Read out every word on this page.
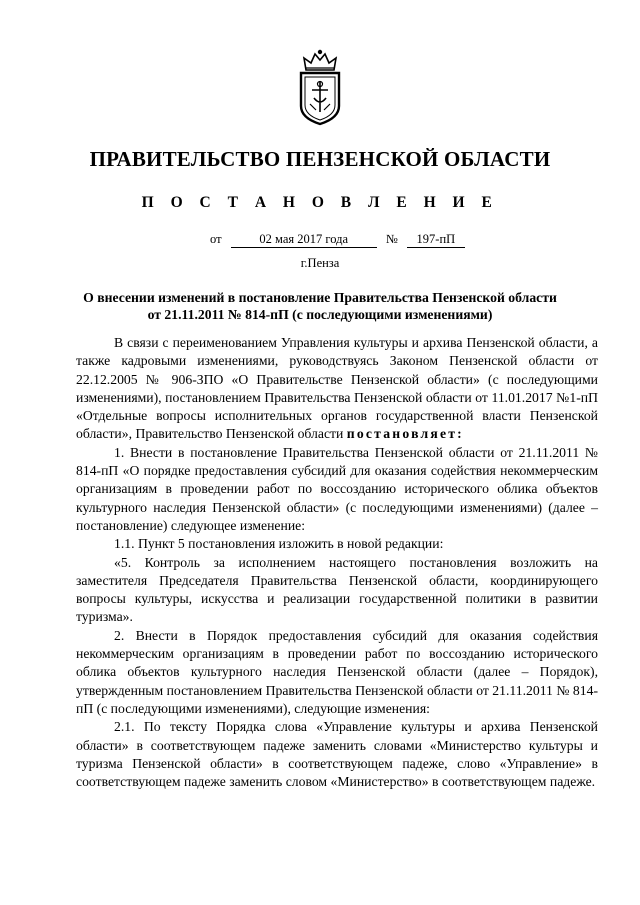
ПРАВИТЕЛЬСТВО ПЕНЗЕНСКОЙ ОБЛАСТИ
П О С Т А Н О В Л Е Н И Е
от	02 мая 2017 года	№ 197-пП
г.Пенза
О внесении изменений в постановление Правительства Пензенской области
от 21.11.2011 № 814-пП (с последующими изменениями)

В связи с переименованием Управления культуры и архива Пензенской области, а также кадровыми изменениями, руководствуясь Законом Пензенской области от 22.12.2005 № 906-ЗПО «О Правительстве Пензенской области» (с последующими изменениями), постановлением Правительства Пензенской области от 11.01.2017 №1-пП «Отдельные вопросы исполнительных органов государственной власти Пензенской области», Правительство Пензенской области постановляет:

1. Внести в постановление Правительства Пензенской области от 21.11.2011 № 814-пП «О порядке предоставления субсидий для оказания содействия некоммерческим организациям в проведении работ по воссозданию исторического облика объектов культурного наследия Пензенской области» (с последующими изменениями) (далее – постановление) следующее изменение:

1.1. Пункт 5 постановления изложить в новой редакции:

«5. Контроль за исполнением настоящего постановления возложить на заместителя Председателя Правительства Пензенской области, координирующего вопросы культуры, искусства и реализации государственной политики в развитии туризма».

2. Внести в Порядок предоставления субсидий для оказания содействия некоммерческим организациям в проведении работ по воссозданию исторического облика объектов культурного наследия Пензенской области (далее – Порядок), утвержденным постановлением Правительства Пензенской области от 21.11.2011 № 814-пП (с последующими изменениями), следующие изменения:

2.1. По тексту Порядка слова «Управление культуры и архива Пензенской области» в соответствующем падеже заменить словами «Министерство культуры и туризма Пензенской области» в соответствующем падеже, слово «Управление» в соответствующем падеже заменить словом «Министерство» в соответствующем падеже.
